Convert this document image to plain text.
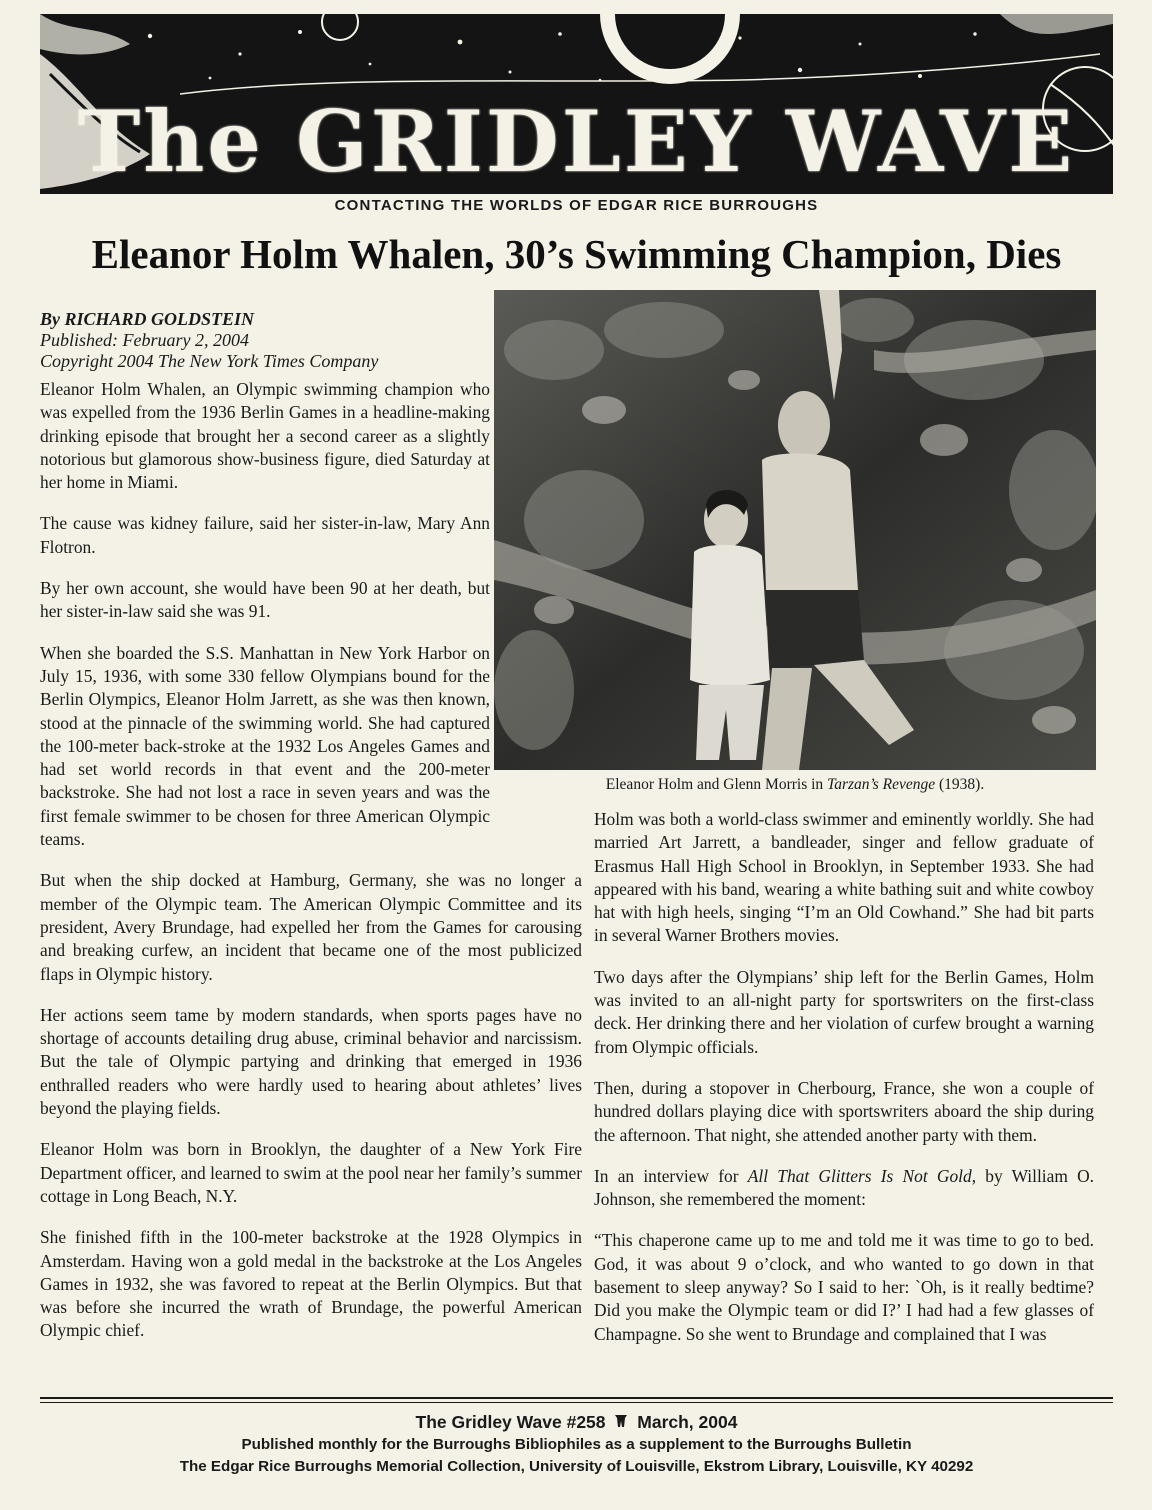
The GRIDLEY WAVE
CONTACTING THE WORLDS OF EDGAR RICE BURROUGHS
Eleanor Holm Whalen, 30’s Swimming Champion, Dies
By RICHARD GOLDSTEIN
Published: February 2, 2004
Copyright 2004 The New York Times Company

Eleanor Holm Whalen, an Olympic swimming champion who was expelled from the 1936 Berlin Games in a headline-making drinking episode that brought her a second career as a slightly notorious but glamorous show-business figure, died Saturday at her home in Miami.

The cause was kidney failure, said her sister-in-law, Mary Ann Flotron.

By her own account, she would have been 90 at her death, but her sister-in-law said she was 91.

When she boarded the S.S. Manhattan in New York Harbor on July 15, 1936, with some 330 fellow Olympians bound for the Berlin Olympics, Eleanor Holm Jarrett, as she was then known, stood at the pinnacle of the swimming world. She had captured the 100-meter back-stroke at the 1932 Los Angeles Games and had set world records in that event and the 200-meter backstroke. She had not lost a race in seven years and was the first female swimmer to be chosen for three American Olympic teams.

But when the ship docked at Hamburg, Germany, she was no longer a member of the Olympic team. The American Olympic Committee and its president, Avery Brundage, had expelled her from the Games for carousing and breaking curfew, an incident that became one of the most publicized flaps in Olympic history.

Her actions seem tame by modern standards, when sports pages have no shortage of accounts detailing drug abuse, criminal behavior and narcissism. But the tale of Olympic partying and drinking that emerged in 1936 enthralled readers who were hardly used to hearing about athletes’ lives beyond the playing fields.

Eleanor Holm was born in Brooklyn, the daughter of a New York Fire Department officer, and learned to swim at the pool near her family’s summer cottage in Long Beach, N.Y.

She finished fifth in the 100-meter backstroke at the 1928 Olympics in Amsterdam. Having won a gold medal in the backstroke at the Los Angeles Games in 1932, she was favored to repeat at the Berlin Olympics. But that was before she incurred the wrath of Brundage, the powerful American Olympic chief.

Eleanor Holm and Glenn Morris in Tarzan’s Revenge (1938).

Holm was both a world-class swimmer and eminently worldly. She had married Art Jarrett, a bandleader, singer and fellow graduate of Erasmus Hall High School in Brooklyn, in September 1933. She had appeared with his band, wearing a white bathing suit and white cowboy hat with high heels, singing “I’m an Old Cowhand.” She had bit parts in several Warner Brothers movies.

Two days after the Olympians’ ship left for the Berlin Games, Holm was invited to an all-night party for sportswriters on the first-class deck. Her drinking there and her violation of curfew brought a warning from Olympic officials.

Then, during a stopover in Cherbourg, France, she won a couple of hundred dollars playing dice with sportswriters aboard the ship during the afternoon. That night, she attended another party with them.

In an interview for All That Glitters Is Not Gold, by William O. Johnson, she remembered the moment:

“This chaperone came up to me and told me it was time to go to bed. God, it was about 9 o’clock, and who wanted to go down in that basement to sleep anyway? So I said to her: `Oh, is it really bedtime? Did you make the Olympic team or did I?’ I had had a few glasses of Champagne. So she went to Brundage and complained that I was

The Gridley Wave #258 March, 2004
Published monthly for the Burroughs Bibliophiles as a supplement to the Burroughs Bulletin
The Edgar Rice Burroughs Memorial Collection, University of Louisville, Ekstrom Library, Louisville, KY 40292
